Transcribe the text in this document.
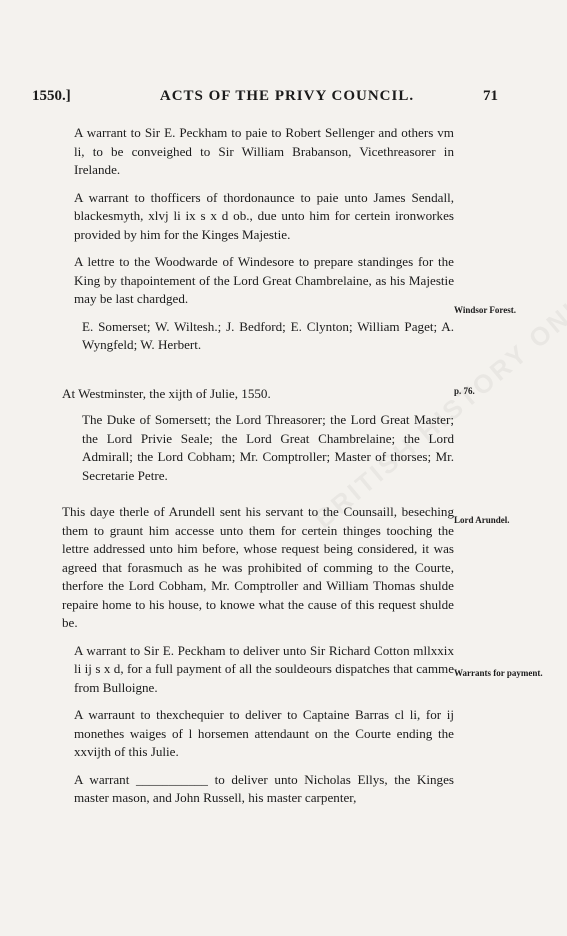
1550.]	ACTS OF THE PRIVY COUNCIL.	71

A warrant to Sir E. Peckham to paie to Robert Sellenger and others vm li, to be conveighed to Sir William Brabanson, Vicethreasorer in Irelande.

A warrant to thofficers of thordonaunce to paie unto James Sendall, blackesmyth, xlvj li ix s x d ob., due unto him for certein ironworkes provided by him for the Kinges Majestie.

A lettre to the Woodwarde of Windesore to prepare standinges for the King by thapointement of the Lord Great Chambrelaine, as his Majestie may be last chardged.

E. Somerset; W. Wiltesh.; J. Bedford; E. Clynton; William Paget; A. Wyngfeld; W. Herbert.

At Westminster, the xijth of Julie, 1550.

The Duke of Somersett; the Lord Threasorer; the Lord Great Master; the Lord Privie Seale; the Lord Great Chambrelaine; the Lord Admirall; the Lord Cobham; Mr. Comptroller; Master of thorses; Mr. Secretarie Petre.

This daye therle of Arundell sent his servant to the Counsaill, beseching them to graunt him accesse unto them for certein thinges tooching the lettre addressed unto him before, whose request being considered, it was agreed that forasmuch as he was prohibited of comming to the Courte, therfore the Lord Cobham, Mr. Comptroller and William Thomas shulde repaire home to his house, to knowe what the cause of this request shulde be.

A warrant to Sir E. Peckham to deliver unto Sir Richard Cotton mllxxix li ij s x d, for a full payment of all the souldeours dispatches that camme from Bulloigne.

A warraunt to thexchequier to deliver to Captaine Barras cl li, for ij monethes waiges of l horsemen attendaunt on the Courte ending the xxvijth of this Julie.

A warrant ___________ to deliver unto Nicholas Ellys, the Kinges master mason, and John Russell, his master carpenter,

Windsor Forest.
p. 76.
Lord Arundel.
Warrants for payment.
